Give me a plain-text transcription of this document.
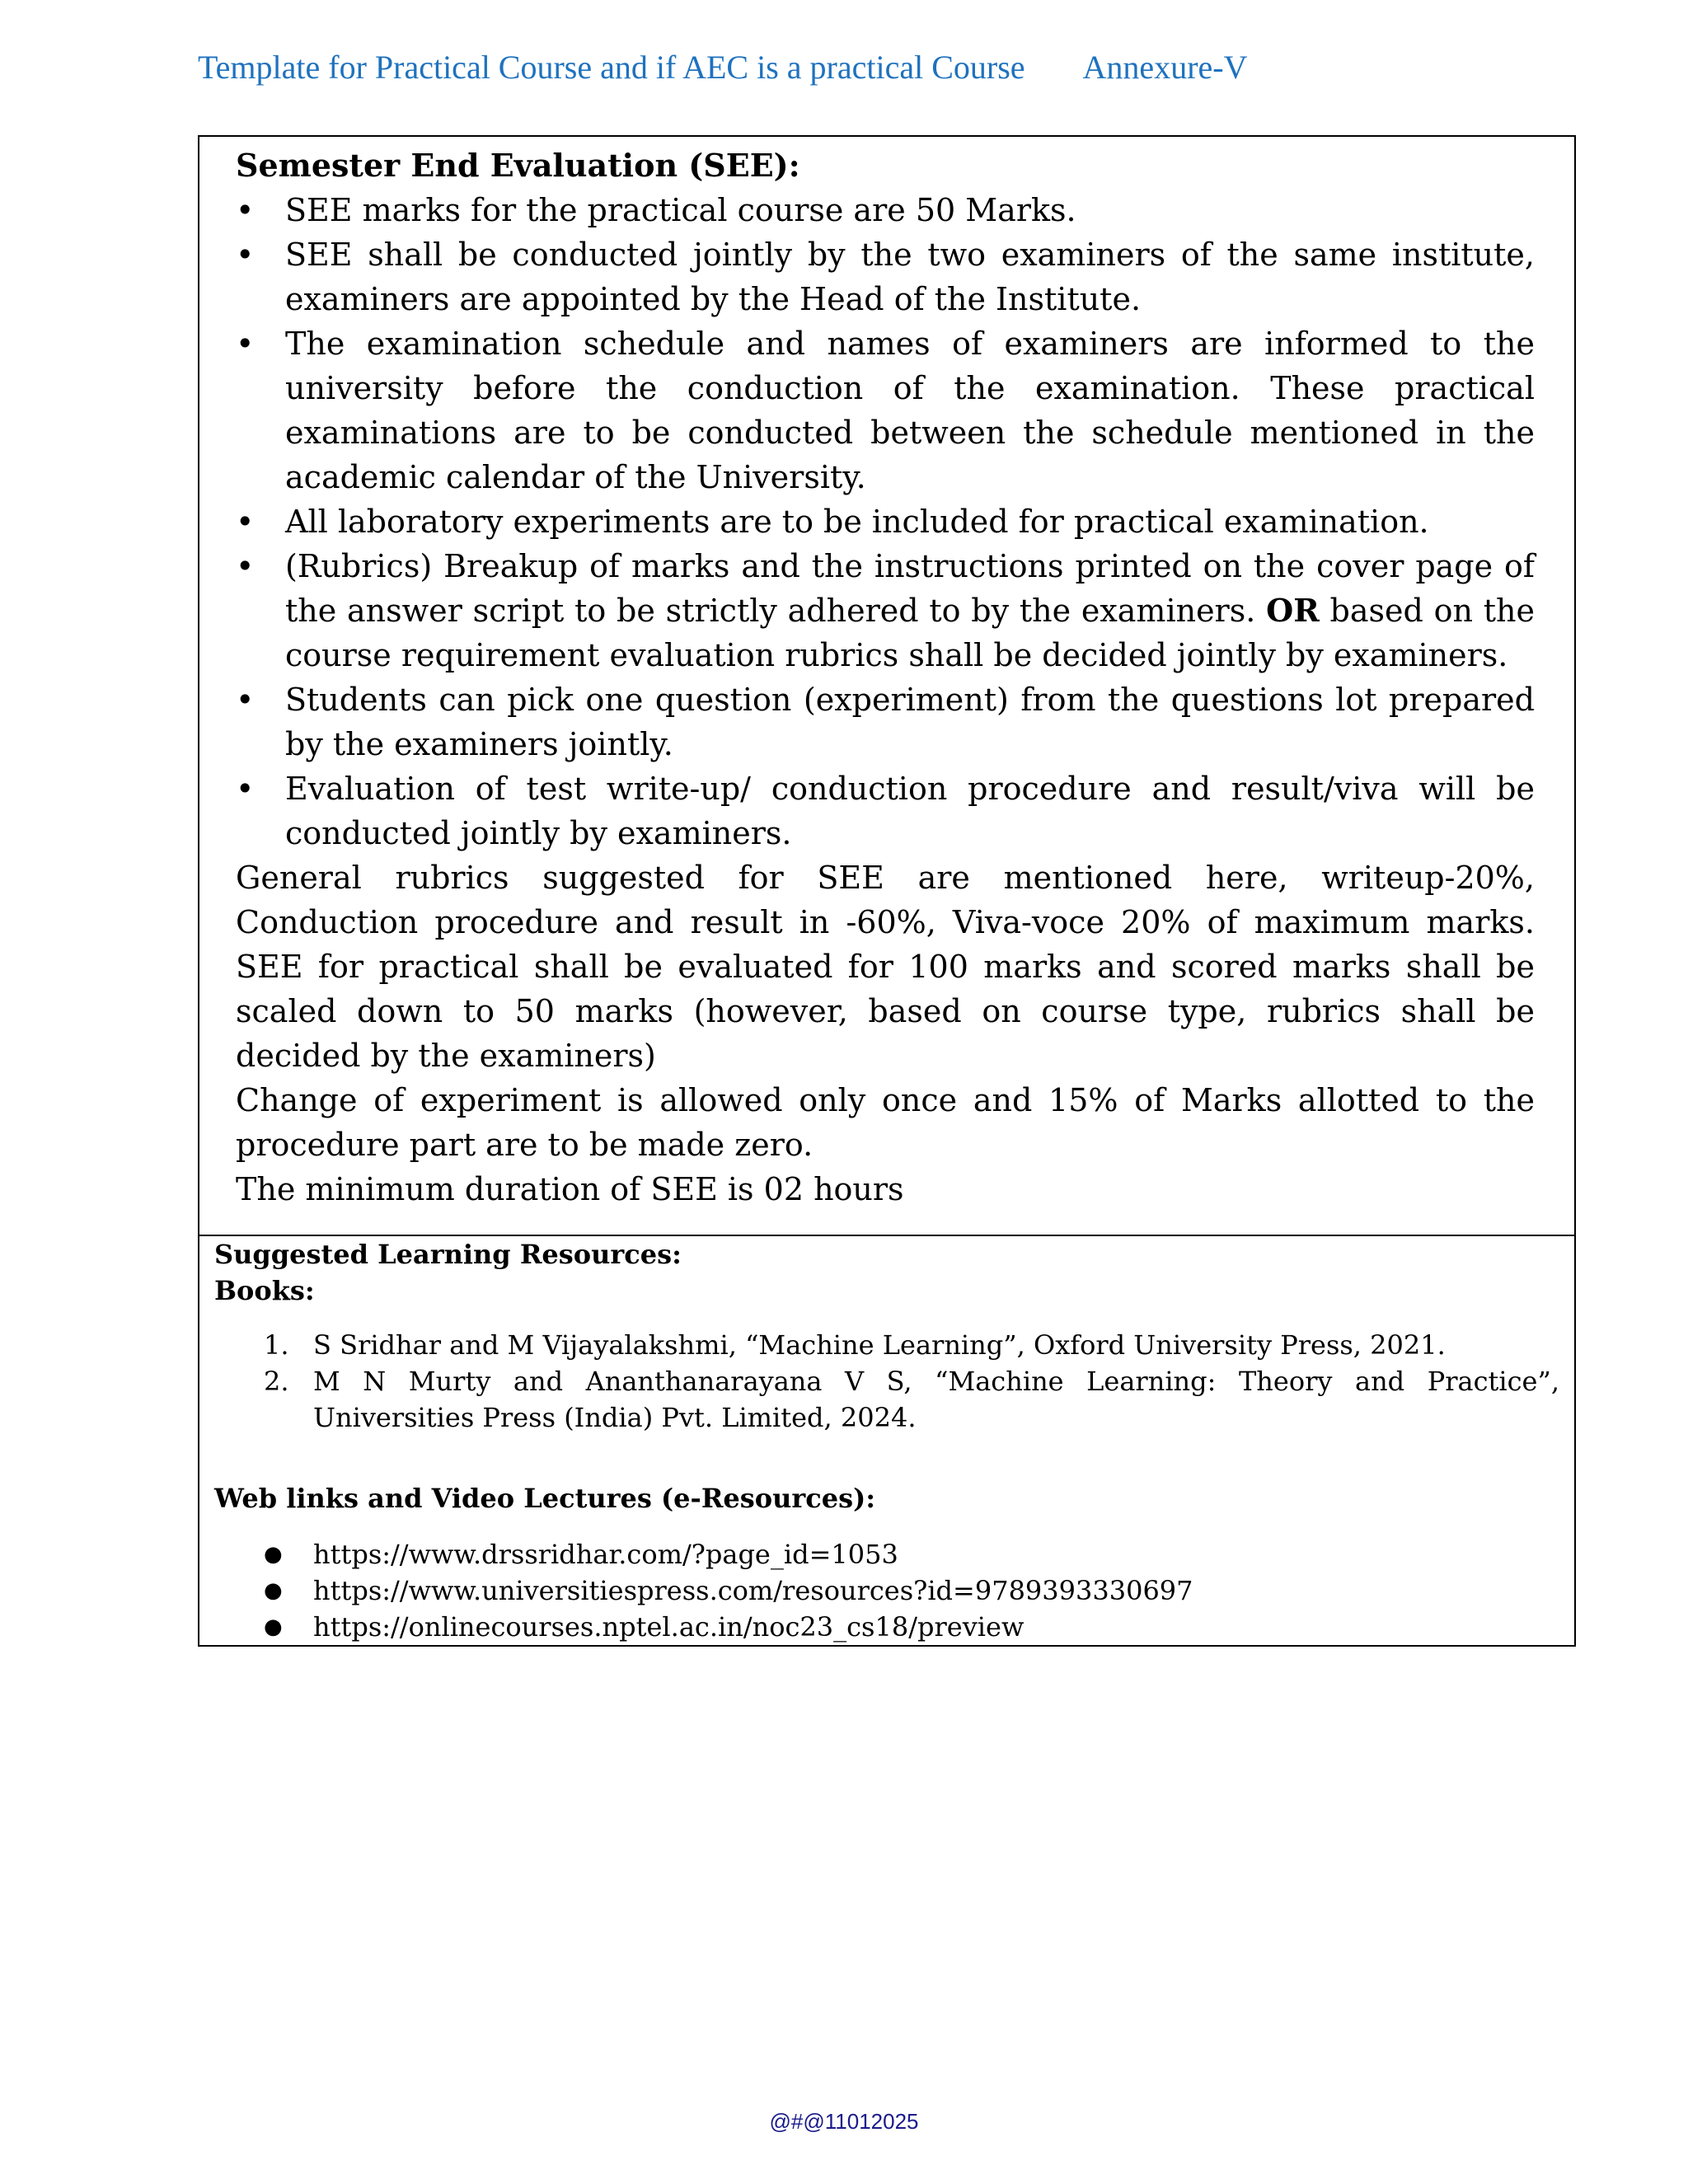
Template for Practical Course and if AEC is a practical Course Annexure-V

Semester End Evaluation (SEE):

• SEE marks for the practical course are 50 Marks.
• SEE shall be conducted jointly by the two examiners of the same institute, examiners are appointed by the Head of the Institute.
• The examination schedule and names of examiners are informed to the university before the conduction of the examination. These practical examinations are to be conducted between the schedule mentioned in the academic calendar of the University.
• All laboratory experiments are to be included for practical examination.
• (Rubrics) Breakup of marks and the instructions printed on the cover page of the answer script to be strictly adhered to by the examiners. OR based on the course requirement evaluation rubrics shall be decided jointly by examiners.
• Students can pick one question (experiment) from the questions lot prepared by the examiners jointly.
• Evaluation of test write-up/ conduction procedure and result/viva will be conducted jointly by examiners.

General rubrics suggested for SEE are mentioned here, writeup-20%, Conduction procedure and result in -60%, Viva-voce 20% of maximum marks. SEE for practical shall be evaluated for 100 marks and scored marks shall be scaled down to 50 marks (however, based on course type, rubrics shall be decided by the examiners)

Change of experiment is allowed only once and 15% of Marks allotted to the procedure part are to be made zero.

The minimum duration of SEE is 02 hours

Suggested Learning Resources:

Books:

1. S Sridhar and M Vijayalakshmi, “Machine Learning”, Oxford University Press, 2021.
2. M N Murty and Ananthanarayana V S, “Machine Learning: Theory and Practice”, Universities Press (India) Pvt. Limited, 2024.

Web links and Video Lectures (e-Resources):

● https://www.drssridhar.com/?page_id=1053
● https://www.universitiespress.com/resources?id=9789393330697
● https://onlinecourses.nptel.ac.in/noc23_cs18/preview
@#@11012025
